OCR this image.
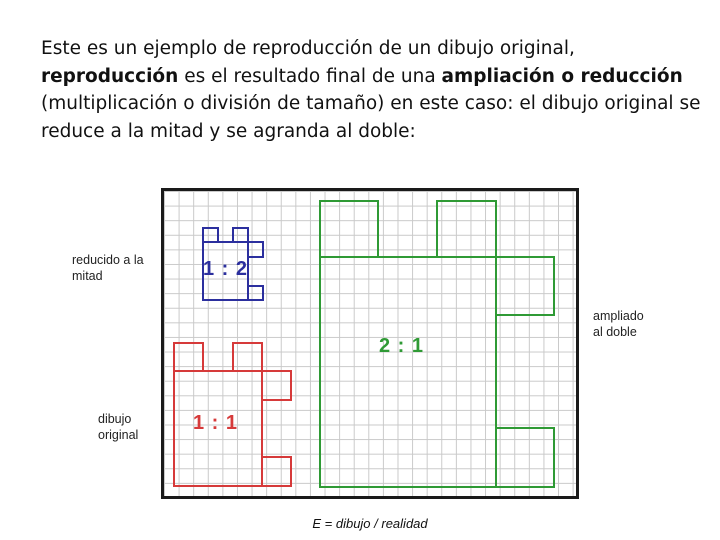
Este es un ejemplo de reproducción de un dibujo original, reproducción es el resultado final de una ampliación o reducción (multiplicación o división de tamaño) en este caso: el dibujo original se reduce a la mitad y se agranda al doble:
1 : 2
1 : 1
2 : 1
reducido a la
mitad
dibujo
original
ampliado
al doble
E = dibujo / realidad
